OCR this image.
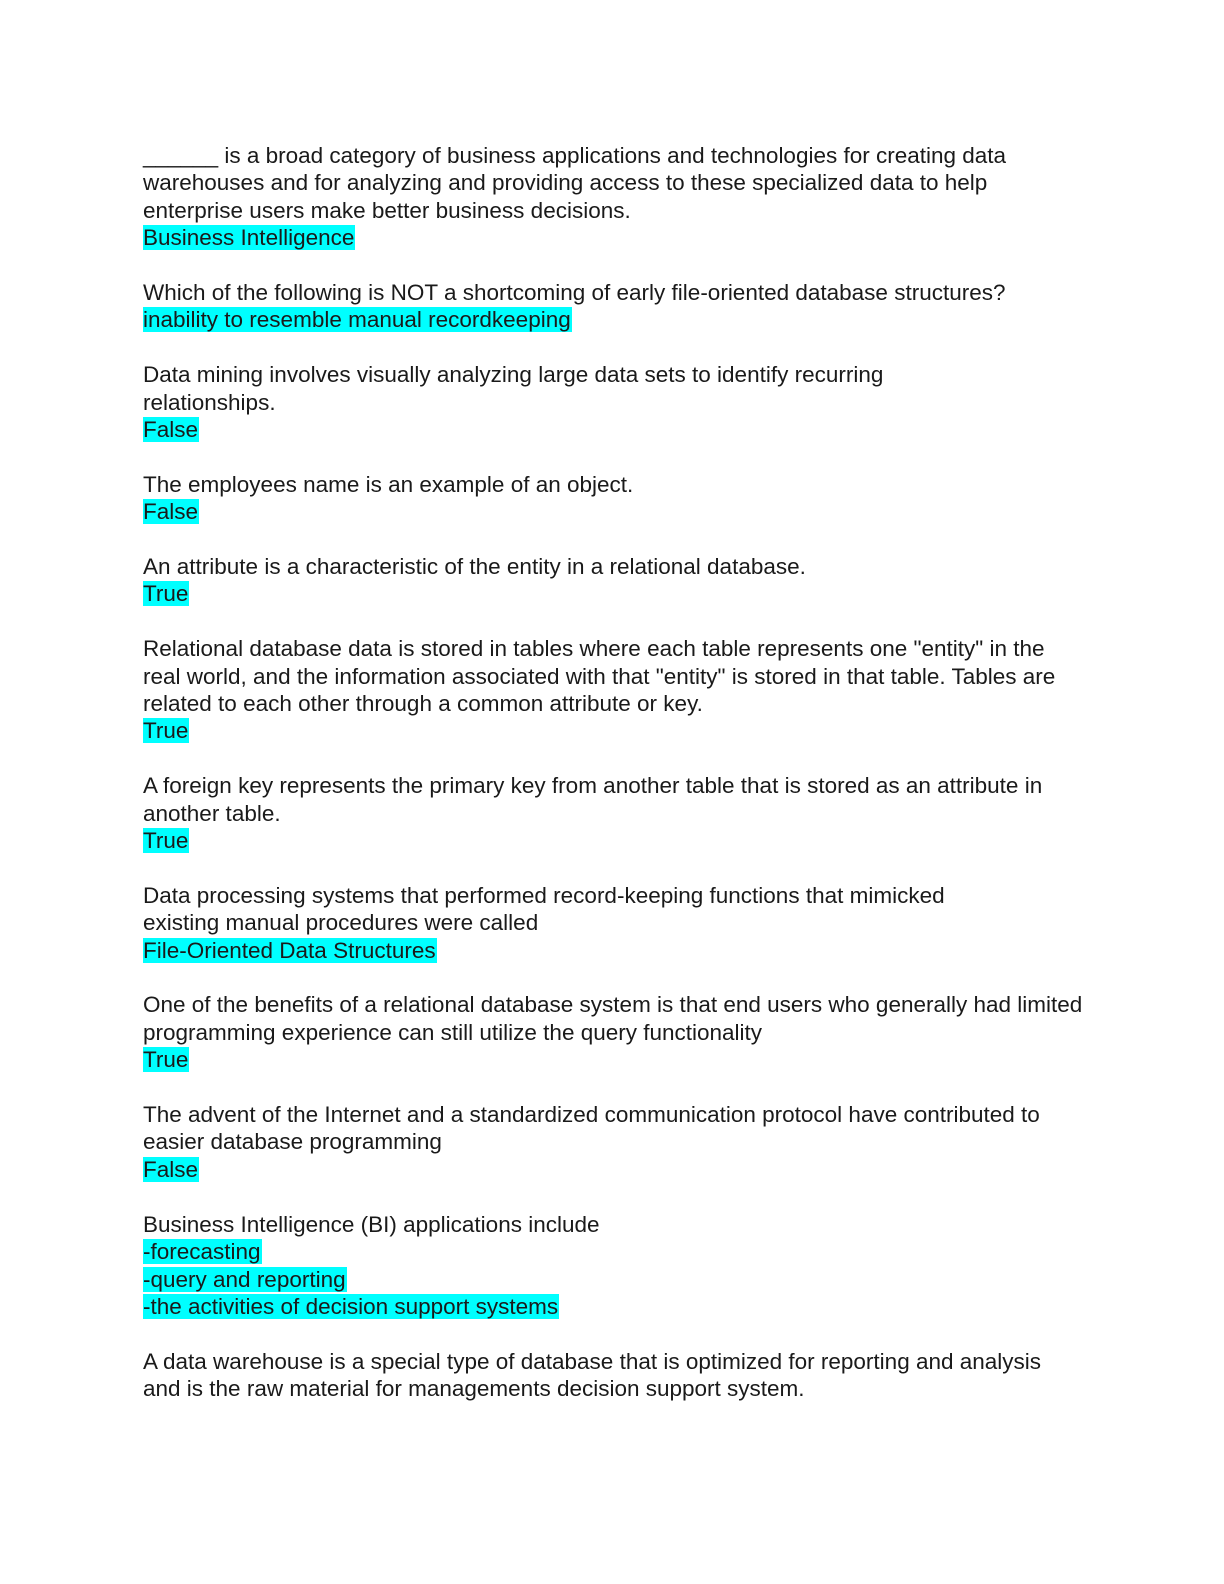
______ is a broad category of business applications and technologies for creating data warehouses and for analyzing and providing access to these specialized data to help enterprise users make better business decisions.
Business Intelligence
Which of the following is NOT a shortcoming of early file-oriented database structures?
inability to resemble manual recordkeeping
Data mining involves visually analyzing large data sets to identify recurring relationships.
False
The employees name is an example of an object.
False
An attribute is a characteristic of the entity in a relational database.
True
Relational database data is stored in tables where each table represents one "entity" in the real world, and the information associated with that "entity" is stored in that table. Tables are related to each other through a common attribute or key.
True
A foreign key represents the primary key from another table that is stored as an attribute in another table.
True
Data processing systems that performed record-keeping functions that mimicked existing manual procedures were called
File-Oriented Data Structures
One of the benefits of a relational database system is that end users who generally had limited programming experience can still utilize the query functionality
True
The advent of the Internet and a standardized communication protocol have contributed to easier database programming
False
Business Intelligence (BI) applications include
-forecasting
-query and reporting
-the activities of decision support systems
A data warehouse is a special type of database that is optimized for reporting and analysis and is the raw material for managements decision support system.
